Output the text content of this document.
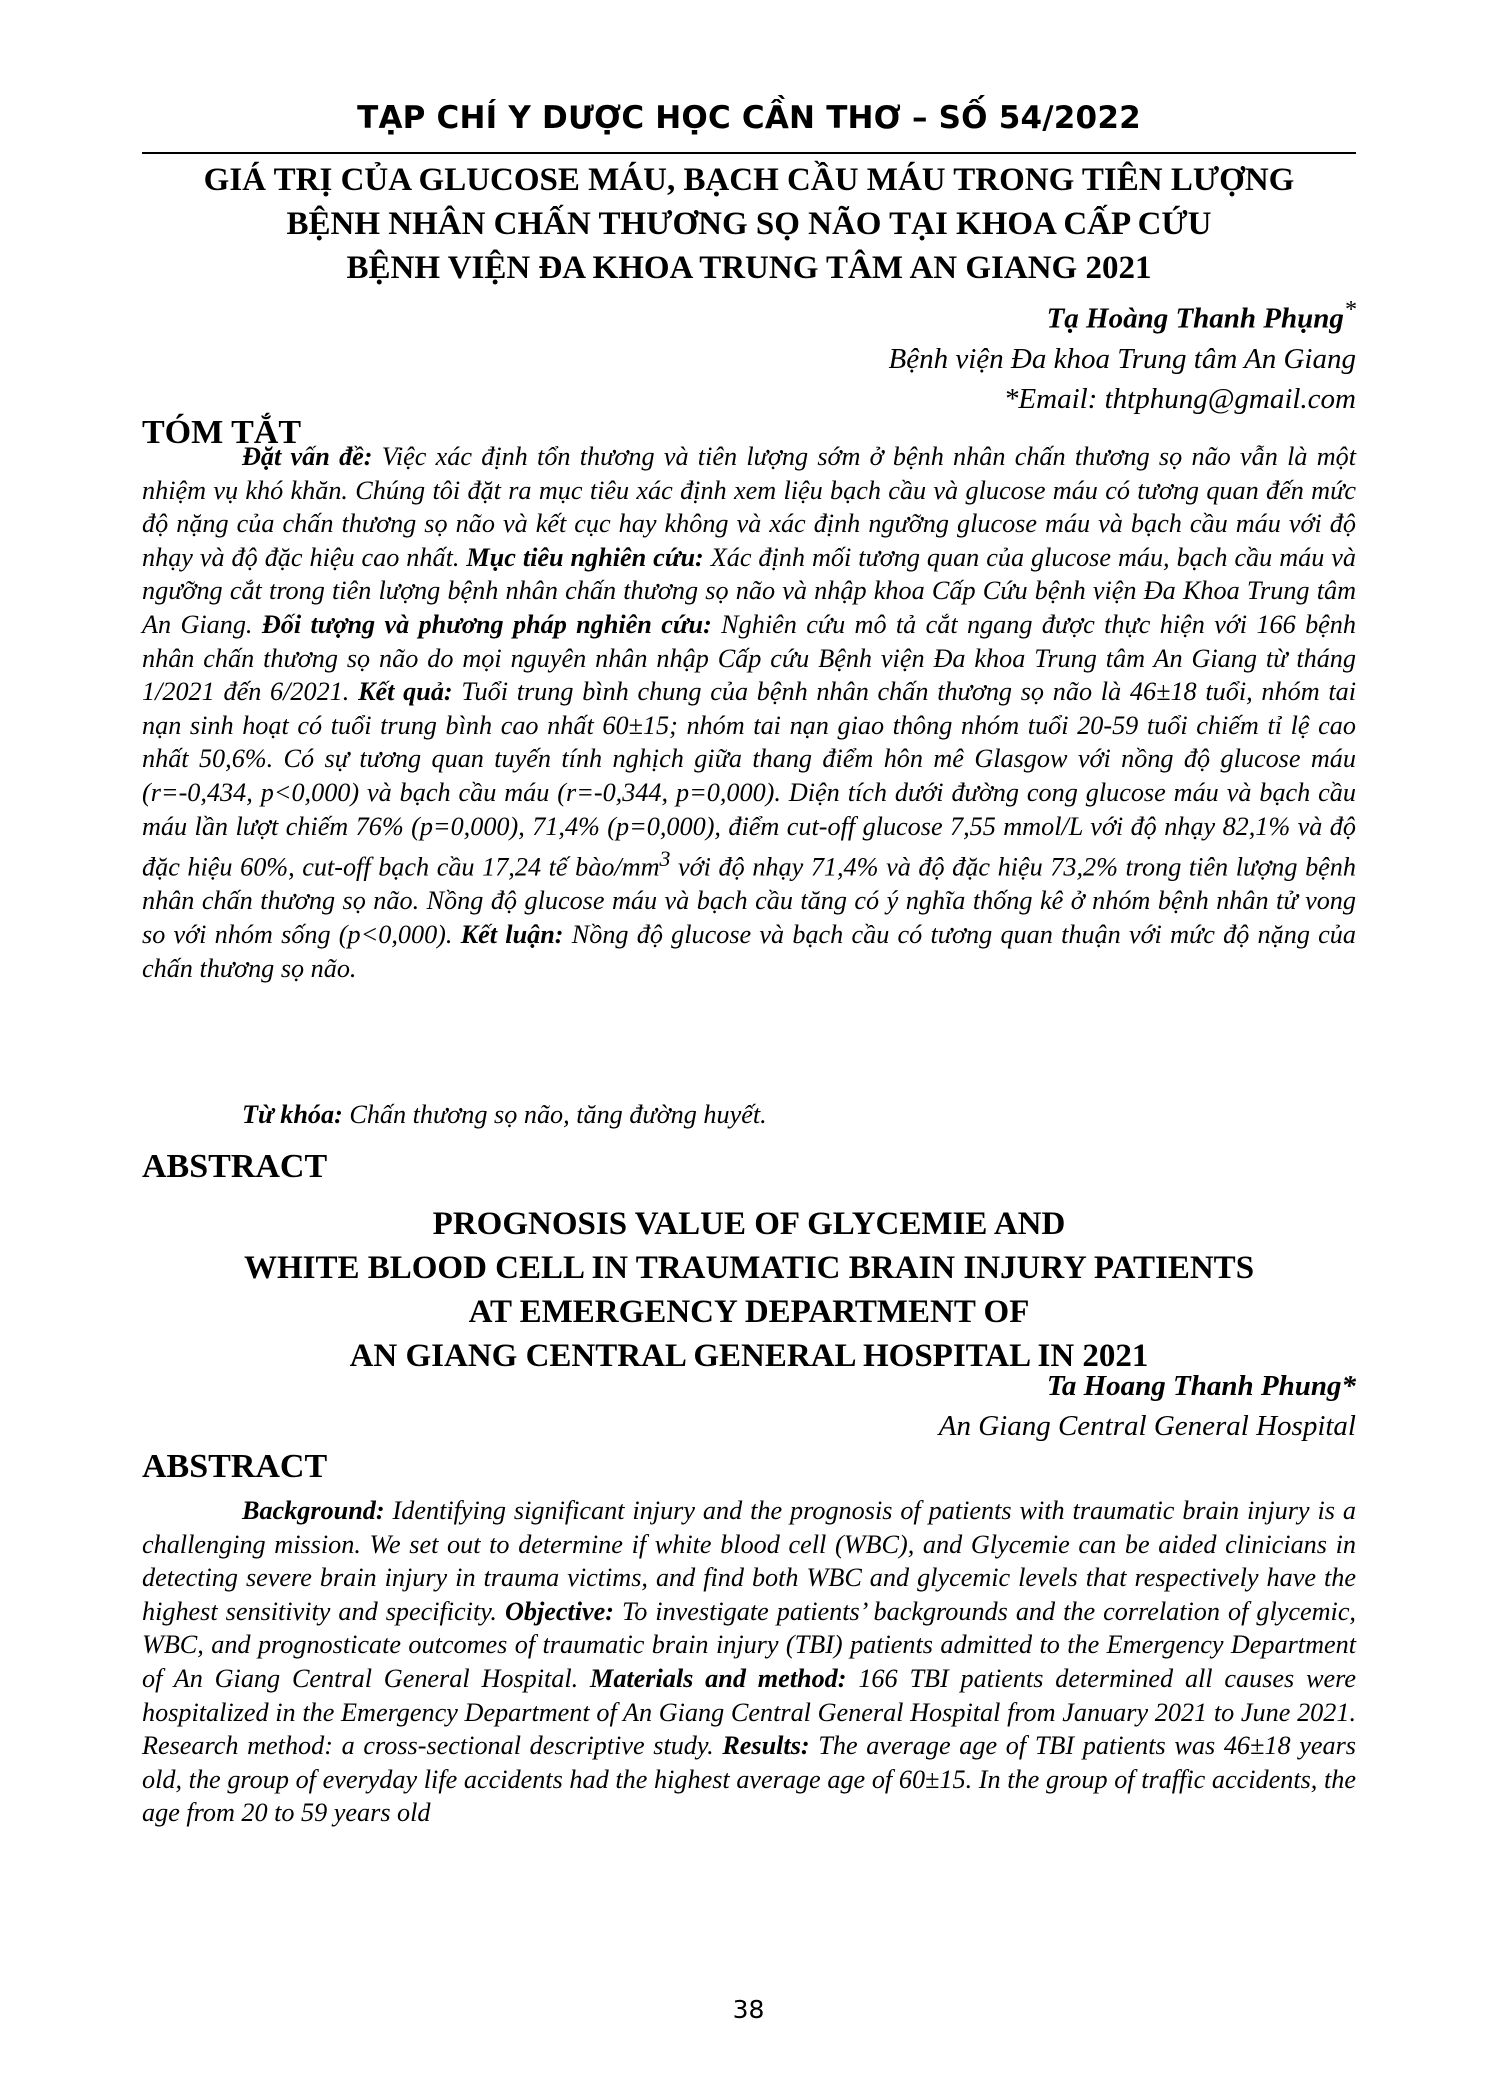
TẠP CHÍ Y DƯỢC HỌC CẦN THƠ – SỐ 54/2022
GIÁ TRỊ CỦA GLUCOSE MÁU, BẠCH CẦU MÁU TRONG TIÊN LƯỢNG
BỆNH NHÂN CHẤN THƯƠNG SỌ NÃO TẠI KHOA CẤP CỨU
BỆNH VIỆN ĐA KHOA TRUNG TÂM AN GIANG 2021
Tạ Hoàng Thanh Phụng*
Bệnh viện Đa khoa Trung tâm An Giang
*Email: thtphung@gmail.com
TÓM TẮT

Đặt vấn đề: Việc xác định tổn thương và tiên lượng sớm ở bệnh nhân chấn thương sọ não vẫn là một nhiệm vụ khó khăn. Chúng tôi đặt ra mục tiêu xác định xem liệu bạch cầu và glucose máu có tương quan đến mức độ nặng của chấn thương sọ não và kết cục hay không và xác định ngưỡng glucose máu và bạch cầu máu với độ nhạy và độ đặc hiệu cao nhất. Mục tiêu nghiên cứu: Xác định mối tương quan của glucose máu, bạch cầu máu và ngưỡng cắt trong tiên lượng bệnh nhân chấn thương sọ não và nhập khoa Cấp Cứu bệnh viện Đa Khoa Trung tâm An Giang. Đối tượng và phương pháp nghiên cứu: Nghiên cứu mô tả cắt ngang được thực hiện với 166 bệnh nhân chấn thương sọ não do mọi nguyên nhân nhập Cấp cứu Bệnh viện Đa khoa Trung tâm An Giang từ tháng 1/2021 đến 6/2021. Kết quả: Tuổi trung bình chung của bệnh nhân chấn thương sọ não là 46±18 tuổi, nhóm tai nạn sinh hoạt có tuổi trung bình cao nhất 60±15; nhóm tai nạn giao thông nhóm tuổi 20-59 tuổi chiếm tỉ lệ cao nhất 50,6%. Có sự tương quan tuyến tính nghịch giữa thang điểm hôn mê Glasgow với nồng độ glucose máu (r=-0,434, p<0,000) và bạch cầu máu (r=-0,344, p=0,000). Diện tích dưới đường cong glucose máu và bạch cầu máu lần lượt chiếm 76% (p=0,000), 71,4% (p=0,000), điểm cut-off glucose 7,55 mmol/L với độ nhạy 82,1% và độ đặc hiệu 60%, cut-off bạch cầu 17,24 tế bào/$mm^3$ với độ nhạy 71,4% và độ đặc hiệu 73,2% trong tiên lượng bệnh nhân chấn thương sọ não. Nồng độ glucose máu và bạch cầu tăng có ý nghĩa thống kê ở nhóm bệnh nhân tử vong so với nhóm sống (p<0,000). Kết luận: Nồng độ glucose và bạch cầu có tương quan thuận với mức độ nặng của chấn thương sọ não.

Từ khóa: Chấn thương sọ não, tăng đường huyết.

ABSTRACT
PROGNOSIS VALUE OF GLYCEMIE AND
WHITE BLOOD CELL IN TRAUMATIC BRAIN INJURY PATIENTS
AT EMERGENCY DEPARTMENT OF
AN GIANG CENTRAL GENERAL HOSPITAL IN 2021
Ta Hoang Thanh Phung*
An Giang Central General Hospital
ABSTRACT

Background: Identifying significant injury and the prognosis of patients with traumatic brain injury is a challenging mission. We set out to determine if white blood cell (WBC), and Glycemie can be aided clinicians in detecting severe brain injury in trauma victims, and find both WBC and glycemic levels that respectively have the highest sensitivity and specificity. Objective: To investigate patients’ backgrounds and the correlation of glycemic, WBC, and prognosticate outcomes of traumatic brain injury (TBI) patients admitted to the Emergency Department of An Giang Central General Hospital. Materials and method: 166 TBI patients determined all causes were hospitalized in the Emergency Department of An Giang Central General Hospital from January 2021 to June 2021. Research method: a cross-sectional descriptive study. Results: The average age of TBI patients was 46±18 years old, the group of everyday life accidents had the highest average age of 60±15. In the group of traffic accidents, the age from 20 to 59 years old

38
